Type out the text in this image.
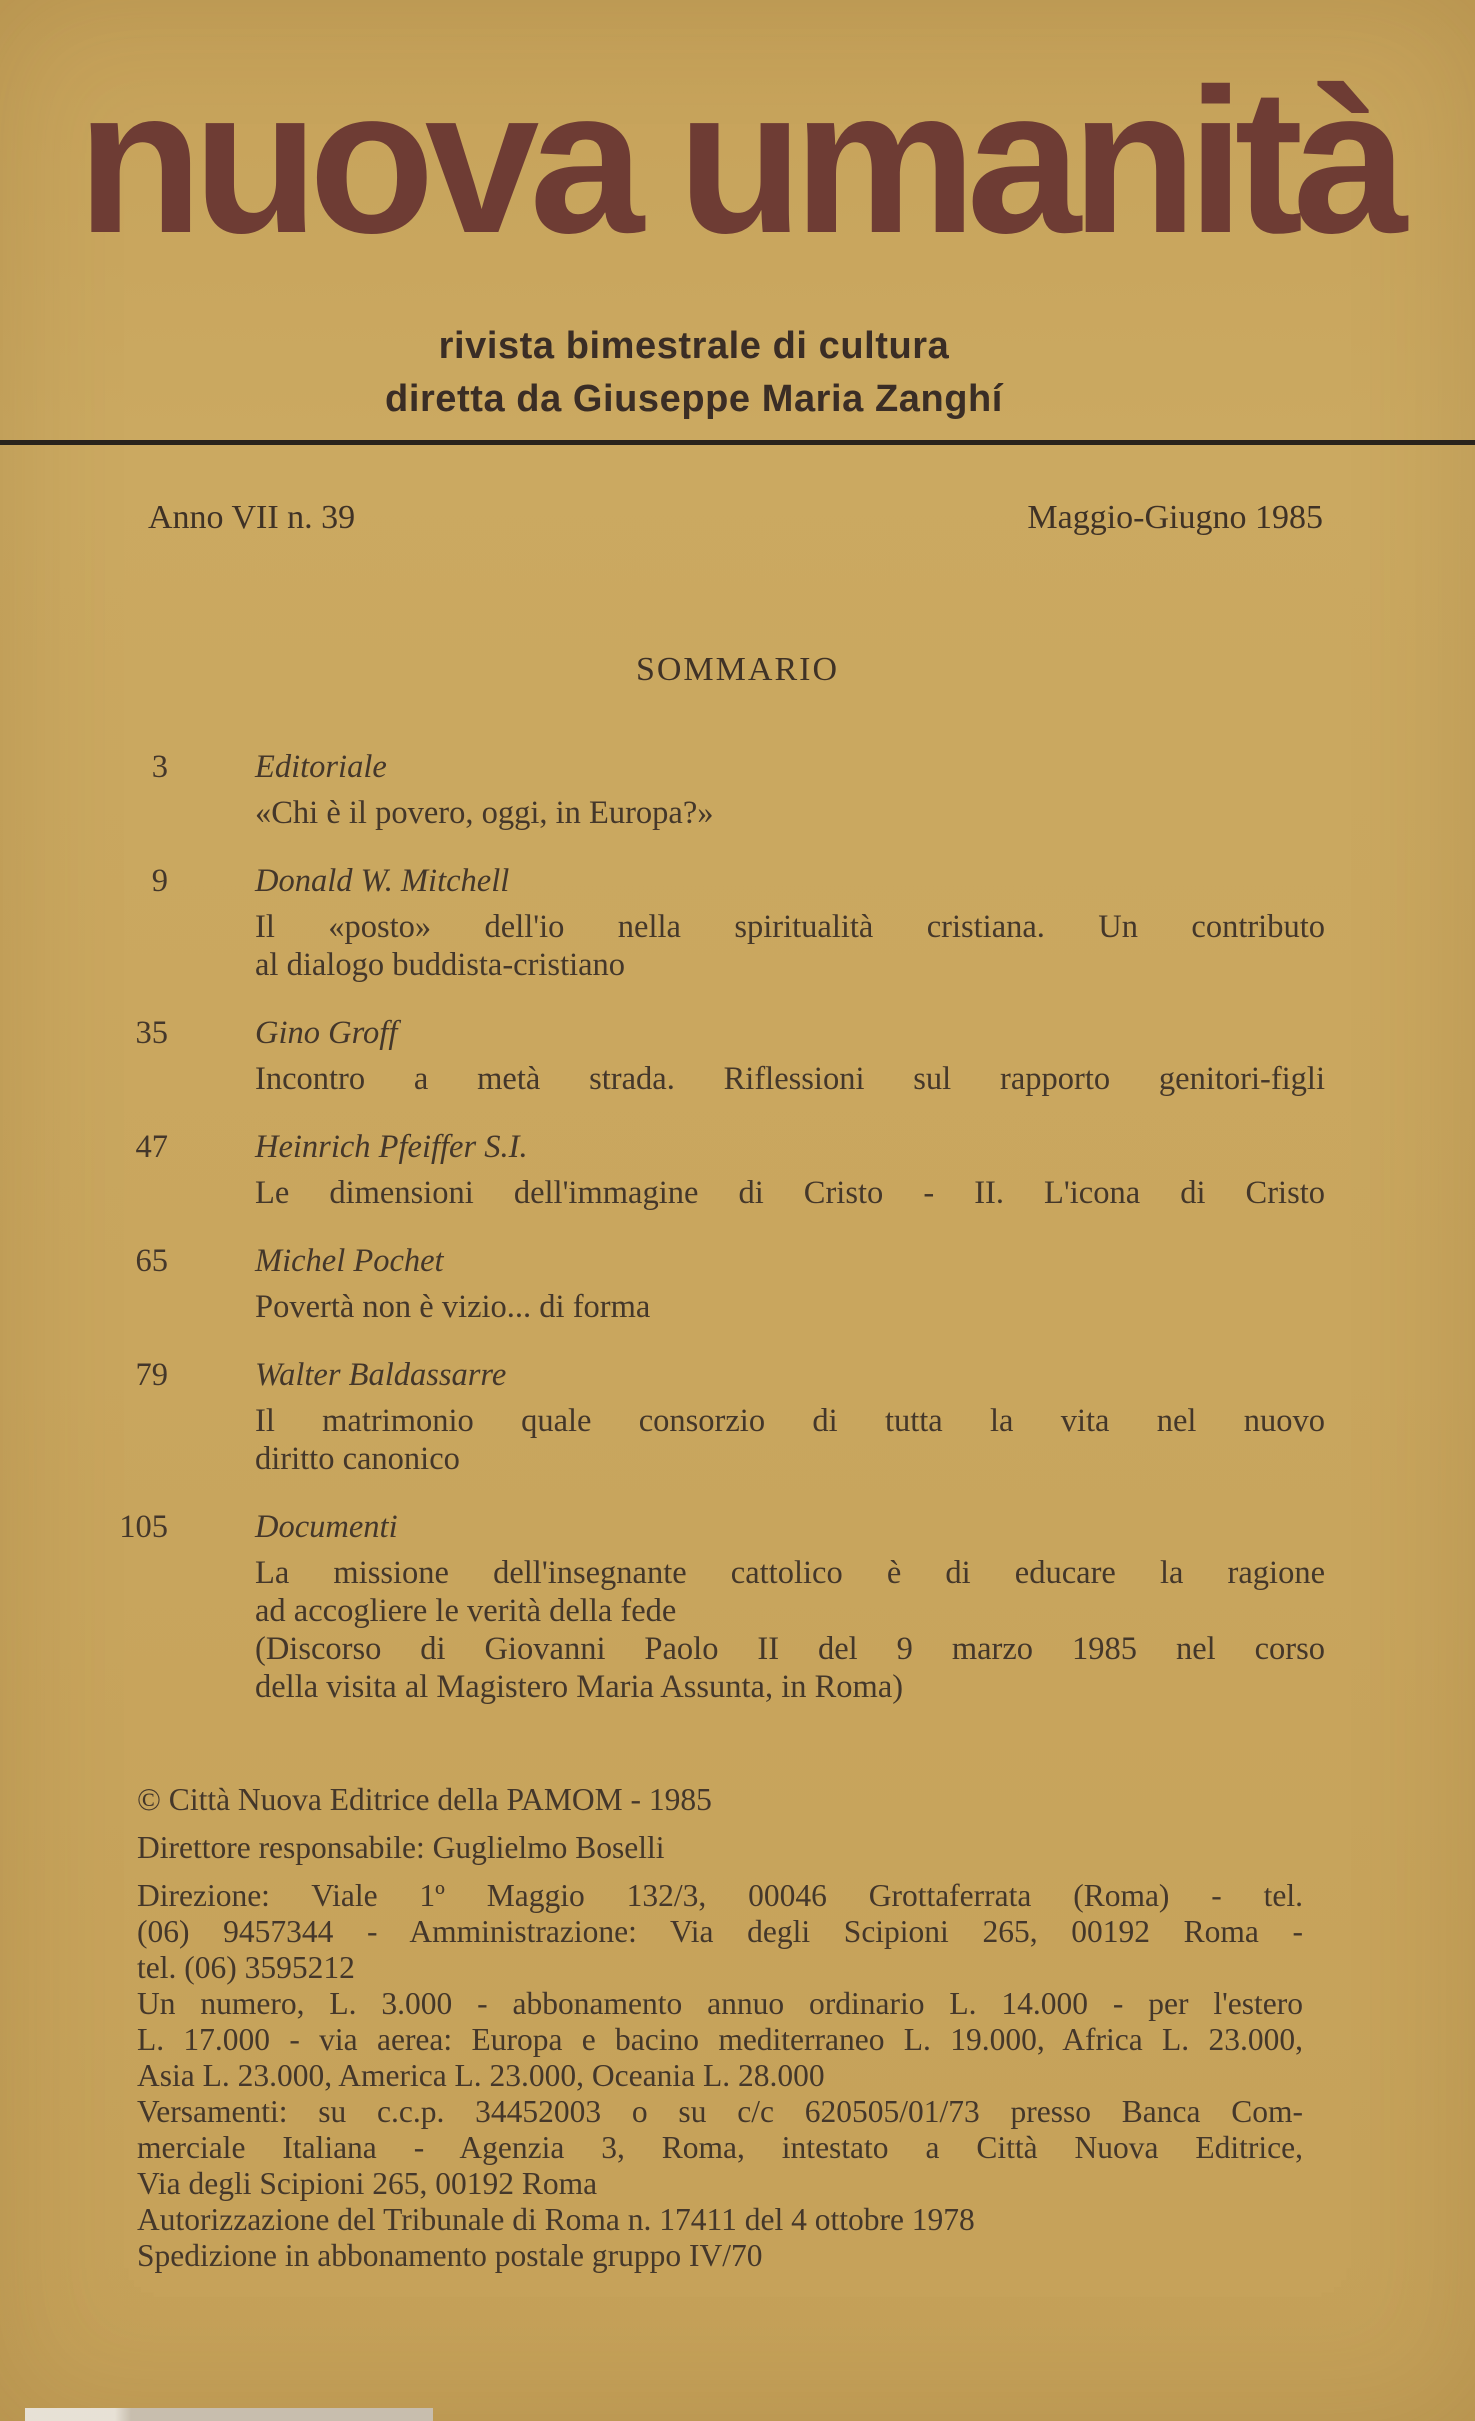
nuova umanità
rivista bimestrale di cultura
diretta da Giuseppe Maria Zanghí
Anno VII n. 39	Maggio-Giugno 1985
SOMMARIO
3	Editoriale
«Chi è il povero, oggi, in Europa?»
9	Donald W. Mitchell
Il «posto» dell'io nella spiritualità cristiana. Un contributo
al dialogo buddista-cristiano
35	Gino Groff
Incontro a metà strada. Riflessioni sul rapporto genitori-figli
47	Heinrich Pfeiffer S.I.
Le dimensioni dell'immagine di Cristo - II. L'icona di Cristo
65	Michel Pochet
Povertà non è vizio... di forma
79	Walter Baldassarre
Il matrimonio quale consorzio di tutta la vita nel nuovo
diritto canonico
105	Documenti
La missione dell'insegnante cattolico è di educare la ragione
ad accogliere le verità della fede
(Discorso di Giovanni Paolo II del 9 marzo 1985 nel corso
della visita al Magistero Maria Assunta, in Roma)
© Città Nuova Editrice della PAMOM - 1985
Direttore responsabile: Guglielmo Boselli
Direzione: Viale 1º Maggio 132/3, 00046 Grottaferrata (Roma) - tel.
(06) 9457344 - Amministrazione: Via degli Scipioni 265, 00192 Roma -
tel. (06) 3595212
Un numero, L. 3.000 - abbonamento annuo ordinario L. 14.000 - per l'estero
L. 17.000 - via aerea: Europa e bacino mediterraneo L. 19.000, Africa L. 23.000,
Asia L. 23.000, America L. 23.000, Oceania L. 28.000
Versamenti: su c.c.p. 34452003 o su c/c 620505/01/73 presso Banca Com-
merciale Italiana - Agenzia 3, Roma, intestato a Città Nuova Editrice,
Via degli Scipioni 265, 00192 Roma
Autorizzazione del Tribunale di Roma n. 17411 del 4 ottobre 1978
Spedizione in abbonamento postale gruppo IV/70
